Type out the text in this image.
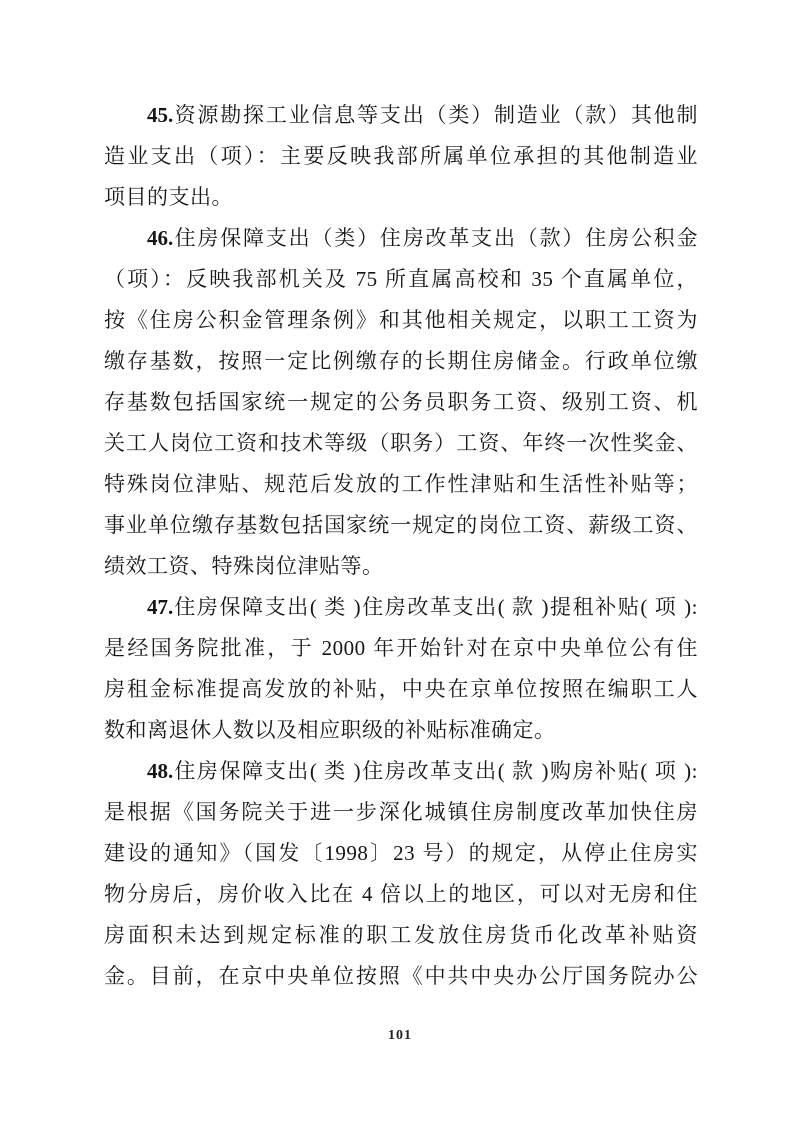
45.资源勘探工业信息等支出（类）制造业（款）其他制
造业支出（项）：主要反映我部所属单位承担的其他制造业
项目的支出。
46.住房保障支出（类）住房改革支出（款）住房公积金
（项）：反映我部机关及 75 所直属高校和 35 个直属单位，
按《住房公积金管理条例》和其他相关规定，以职工工资为
缴存基数，按照一定比例缴存的长期住房储金。行政单位缴
存基数包括国家统一规定的公务员职务工资、级别工资、机
关工人岗位工资和技术等级（职务）工资、年终一次性奖金、
特殊岗位津贴、规范后发放的工作性津贴和生活性补贴等；
事业单位缴存基数包括国家统一规定的岗位工资、薪级工资、
绩效工资、特殊岗位津贴等。
47.住房保障支出( 类 )住房改革支出( 款 )提租补贴( 项 ):
是经国务院批准，于 2000 年开始针对在京中央单位公有住
房租金标准提高发放的补贴，中央在京单位按照在编职工人
数和离退休人数以及相应职级的补贴标准确定。
48.住房保障支出( 类 )住房改革支出( 款 )购房补贴( 项 ):
是根据《国务院关于进一步深化城镇住房制度改革加快住房
建设的通知》（国发〔1998〕23 号）的规定，从停止住房实
物分房后，房价收入比在 4 倍以上的地区，可以对无房和住
房面积未达到规定标准的职工发放住房货币化改革补贴资
金。目前，在京中央单位按照《中共中央办公厅国务院办公
101
